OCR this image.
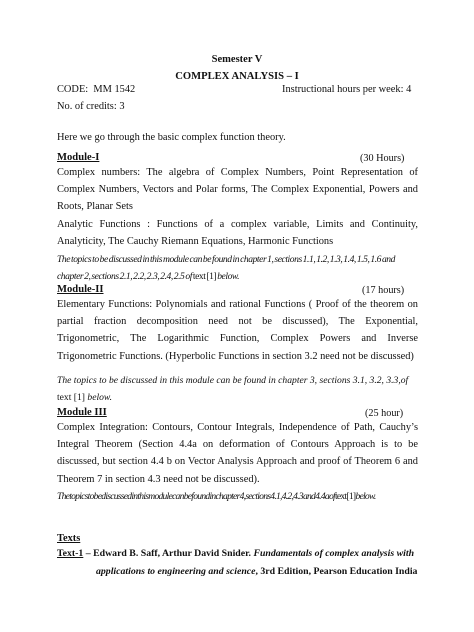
Semester V
COMPLEX ANALYSIS – I
CODE: MM 1542	Instructional hours per week: 4
No. of credits: 3
Here we go through the basic complex function theory.
Module-I	(30 Hours)
Complex numbers: The algebra of Complex Numbers, Point Representation of Complex Numbers, Vectors and Polar forms, The Complex Exponential, Powers and Roots, Planar Sets
Analytic Functions : Functions of a complex variable, Limits and Continuity, Analyticity, The Cauchy Riemann Equations, Harmonic Functions
The topics to be discussed in this module can be found in chapter 1, sections 1.1, 1.2, 1.3, 1.4, 1.5, 1.6 and chapter 2, sections 2.1, 2.2, 2.3, 2.4, 2.5 of text [1] below.
Module-II	(17 hours)
Elementary Functions: Polynomials and rational Functions ( Proof of the theorem on partial fraction decomposition need not be discussed), The Exponential, Trigonometric, The Logarithmic Function, Complex Powers and Inverse Trigonometric Functions. (Hyperbolic Functions in section 3.2 need not be discussed)
The topics to be discussed in this module can be found in chapter 3, sections 3.1, 3.2, 3.3,of text [1] below.
Module III	(25 hour)
Complex Integration: Contours, Contour Integrals, Independence of Path, Cauchy’s Integral Theorem (Section 4.4a on deformation of Contours Approach is to be discussed, but section 4.4 b on Vector Analysis Approach and proof of Theorem 6 and Theorem 7 in section 4.3 need not be discussed).
The topics to be discussed in this module can be found in chapter 4, sections 4.1, 4.2, 4.3 and 4.4a of text [1] below.
Texts
Text-1 – Edward B. Saff, Arthur David Snider. Fundamentals of complex analysis with applications to engineering and science, 3rd Edition, Pearson Education India
